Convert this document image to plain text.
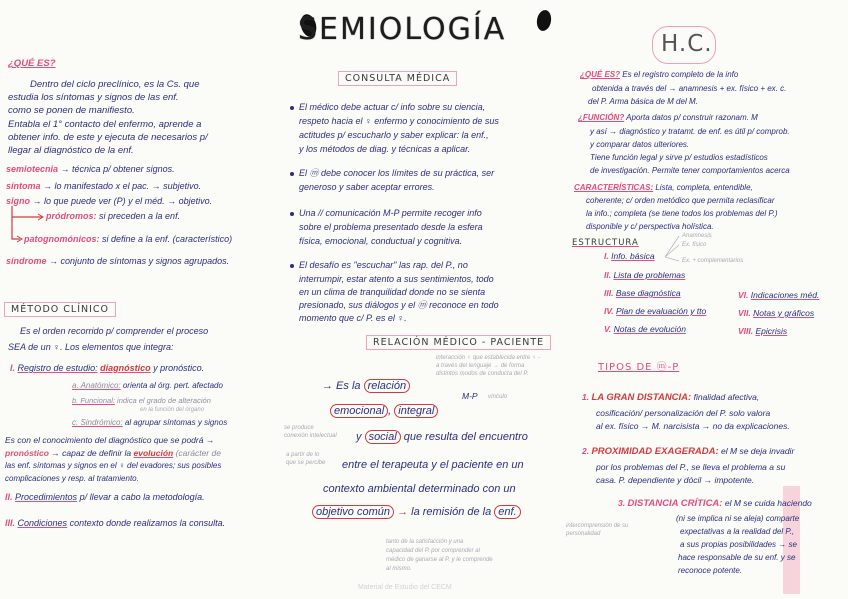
SEMIOLOGÍA	H.C.
¿QUÉ ES?
Dentro del ciclo preclínico, es la Cs. que
estudia los síntomas y signos de las enf.
como se ponen de manifiesto.
Entabla el 1° contacto del enfermo, aprende a
obtener info. de este y ejecuta de necesarios p/
llegar al diagnóstico de la enf.
semiotecnia → técnica p/ obtener signos.
síntoma → lo manifestado x el pac. → subjetivo.
signo → lo que puede ver (P) y el méd. → objetivo.
pródromos: si preceden a la enf.
patognomónicos: si define a la enf. (característico)
síndrome → conjunto de síntomas y signos agrupados.
MÉTODO CLÍNICO
Es el orden recorrido p/ comprender el proceso
SEA de un ♀. Los elementos que integra:
I. Registro de estudio: diagnóstico y pronóstico.
a. Anatómico: orienta al órg. pert. afectado
b. Funcional: indica el grado de alteración
en la función del órgano
c. Sindrómico: al agrupar síntomas y signos
Es con el conocimiento del diagnóstico que se podrá →
pronóstico → capaz de definir la evolución (carácter de
las enf. síntomas y signos en el ♀ del evadores; sus posibles
complicaciones y resp. al tratamiento.
II. Procedimientos p/ llevar a cabo la metodología.
III. Condiciones contexto donde realizamos la consulta.
CONSULTA MÉDICA
El médico debe actuar c/ info sobre su ciencia,
respeto hacia el ♀ enfermo y conocimiento de sus
actitudes p/ escucharlo y saber explicar: la enf.,
y los métodos de diag. y técnicas a aplicar.
El ⓜ debe conocer los límites de su práctica, ser
generoso y saber aceptar errores.
Una // comunicación M-P permite recoger info
sobre el problema presentado desde la esfera
física, emocional, conductual y cognitiva.
El desafío es "escuchar" las rap. del P., no
interrumpir, estar atento a sus sentimientos, todo
en un clima de tranquilidad donde no se sienta
presionado, sus diálogos y el ⓜ reconoce en todo
momento que c/ P. es el ♀.
RELACIÓN MÉDICO - PACIENTE
interacción ♀ que establecida entre ♀ -
a través del lenguaje → de forma
distintos modos de conducta del P.
→ Es la relación
M-P vínculo
emocional , integral
se produce
conexión intelectual y social que resulta del encuentro
a partir de lo
que se percibe entre el terapeuta y el paciente en un
contexto ambiental determinado con un
objetivo común → la remisión de la enf.
intercomprensión de su
personalidad
tanto de la satisfacción y una
capacidad del P. por comprender al
médico de ganarse al P. y le comprende
al mismo.
Material de Estudio del CECM
¿QUÉ ES? Es el registro completo de la info
obtenida a través del → anamnesis + ex. físico + ex. c.
del P. Arma básica de M del M.
¿FUNCIÓN? Aporta datos p/ construir razonam. M
y así → diagnóstico y tratamt. de enf. es útil p/ comprob.
y comparar datos ulteriores.
Tiene función legal y sirve p/ estudios estadísticos
de investigación. Permite tener comportamientos acerca
CARACTERÍSTICAS: Lista, completa, entendible,
coherente; c/ orden metódico que permita reclasificar
la info.; completa (se tiene todos los problemas del P.)
disponible y c/ perspectiva holística.
ESTRUCTURA
Anamnesis
Ex. físico
Ex. + complementarios
I. Info. básica
II. Lista de problemas
III. Base diagnóstica
IV. Plan de evaluación y tto
V. Notas de evolución
VI. Indicaciones méd.
VII. Notas y gráficos
VIII. Epicrisis
TIPOS DE ⓜ-P
1. LA GRAN DISTANCIA: finalidad afectiva,
cosificación/ personalización del P. solo valora
al ex. físico → M. narcisista → no da explicaciones.
2. PROXIMIDAD EXAGERADA: el M se deja invadir
por los problemas del P., se lleva el problema a su
casa. P. dependiente y dócil → impotente.
3. DISTANCIA CRÍTICA: el M se cuida haciendo
(ni se implica ni se aleja) comparte
expectativas a la realidad del P.,
a sus propias posibilidades → se
hace responsable de su enf. y se
reconoce potente.
